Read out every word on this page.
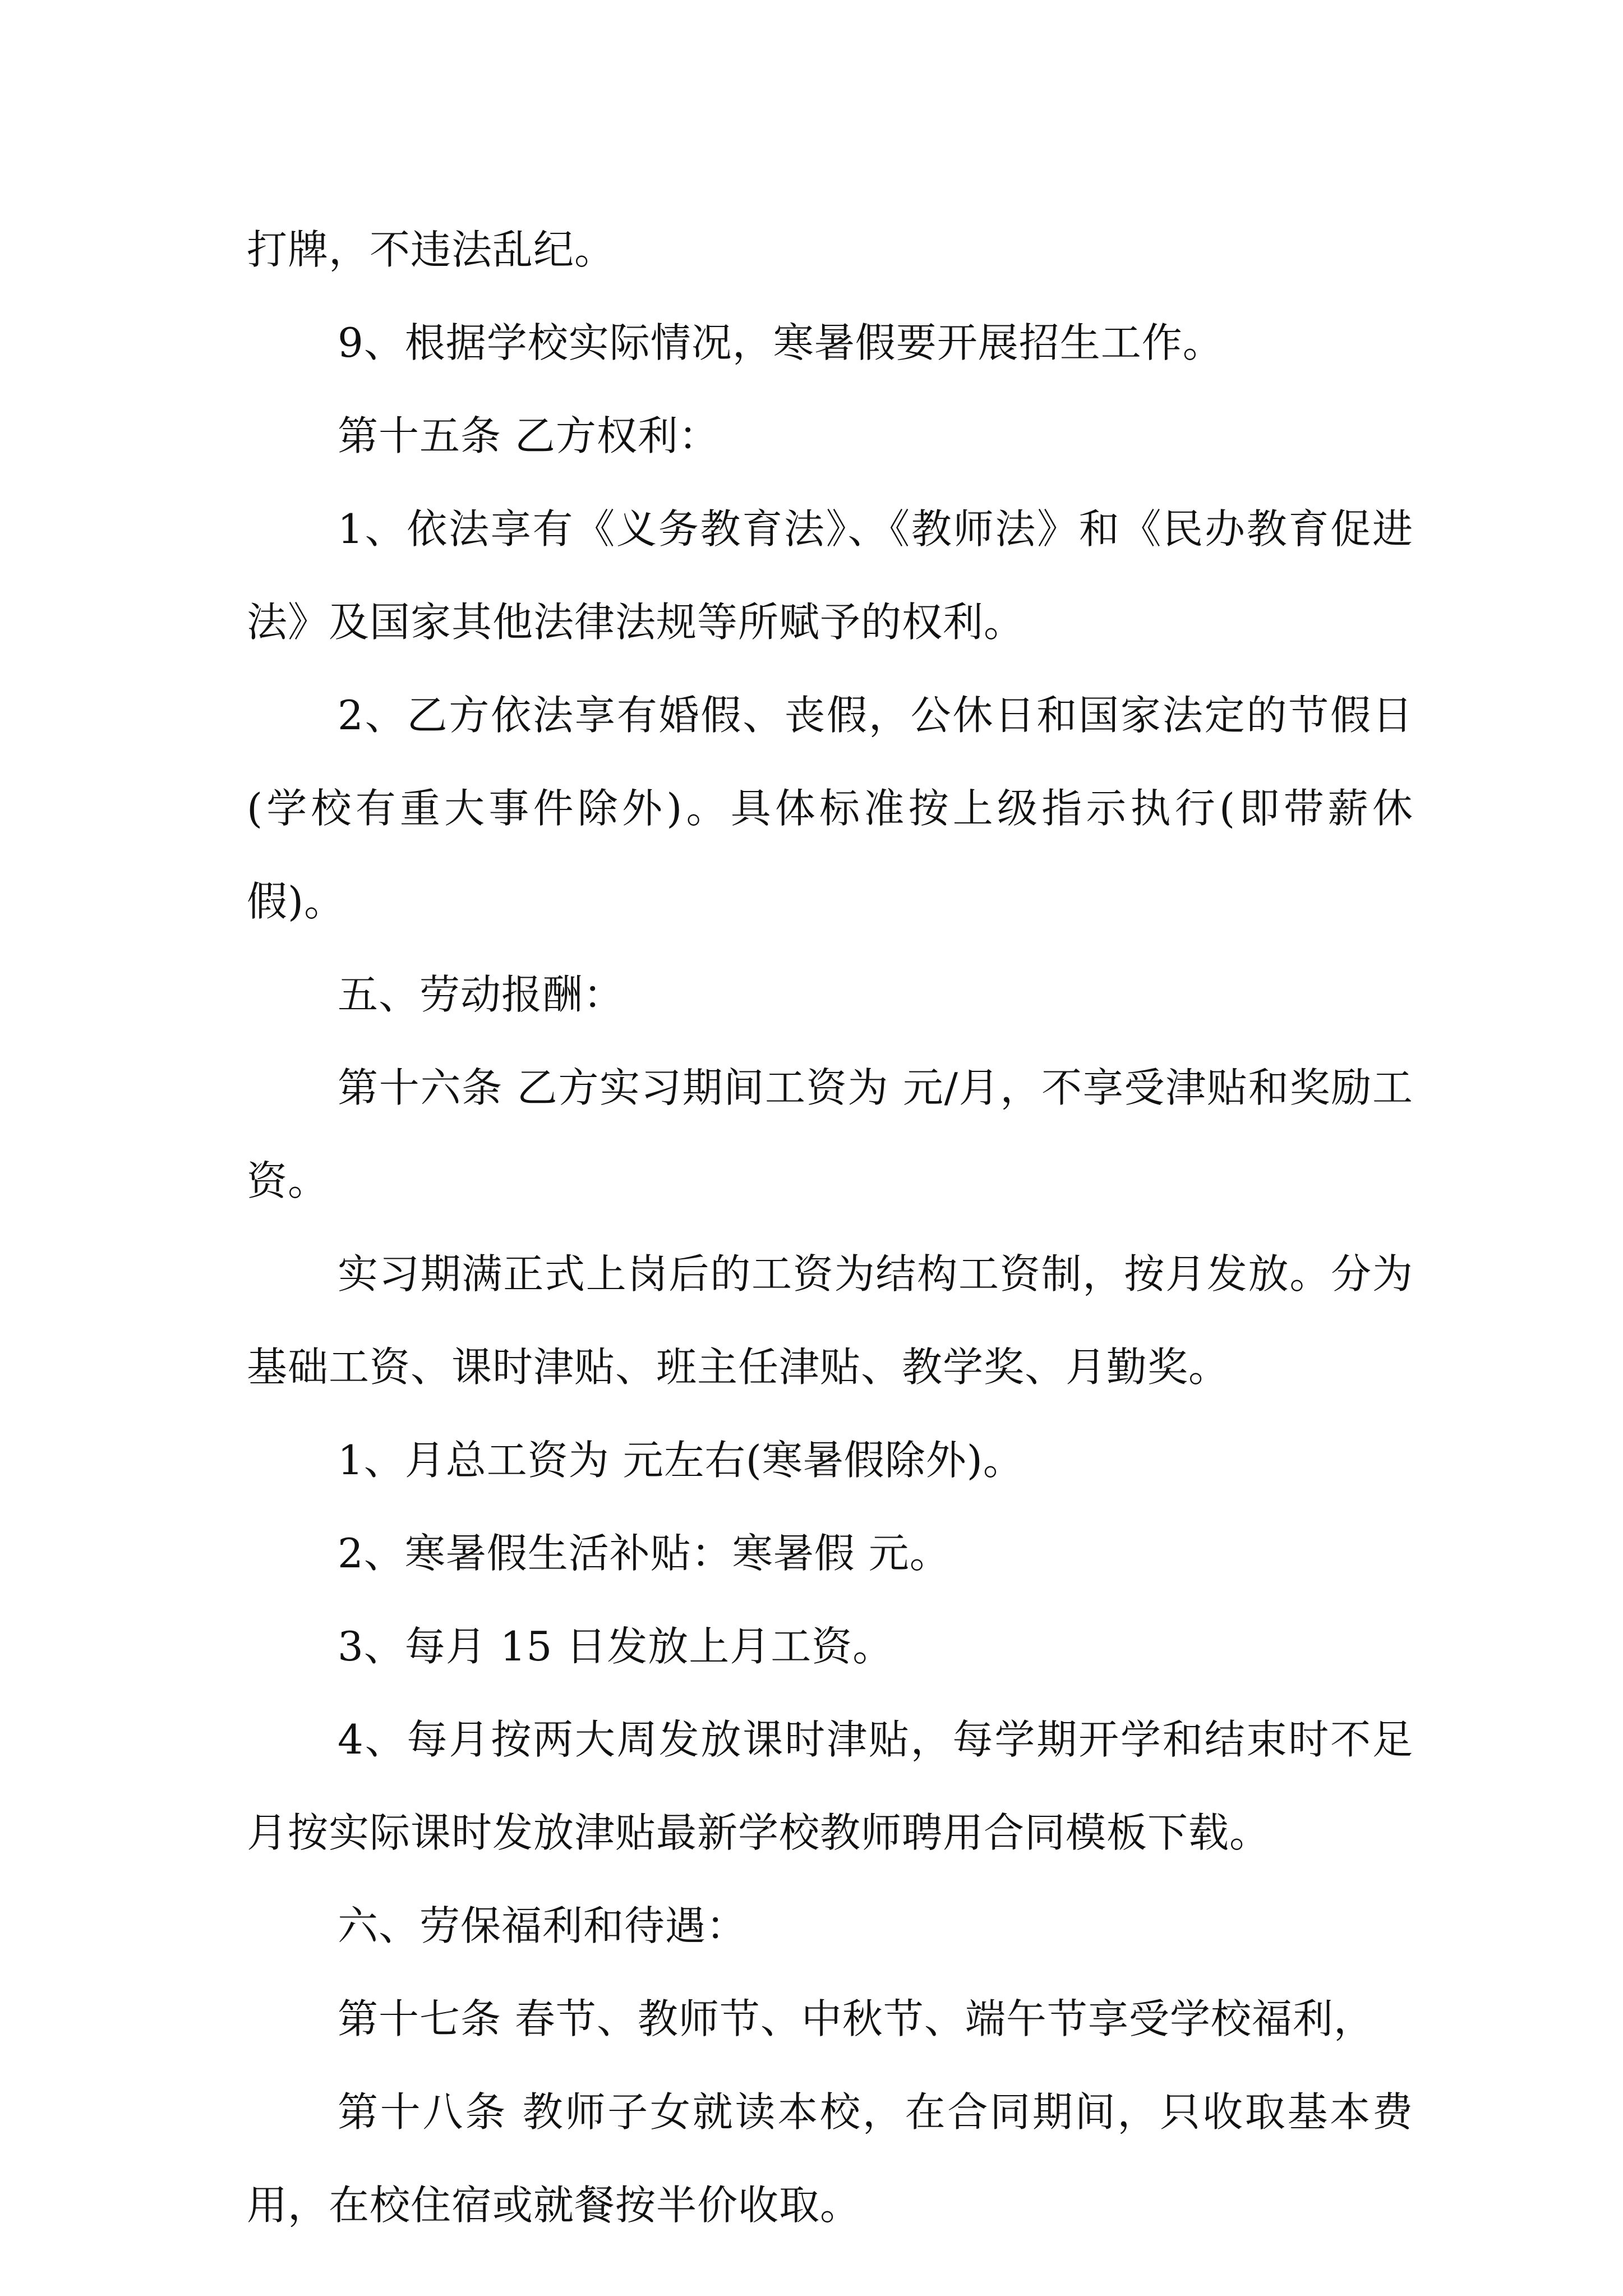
打牌，不违法乱纪。

9、根据学校实际情况，寒暑假要开展招生工作。

第十五条 乙方权利：

1、依法享有《义务教育法》、《教师法》和《民办教育促进法》及国家其他法律法规等所赋予的权利。

2、乙方依法享有婚假、丧假，公休日和国家法定的节假日(学校有重大事件除外)。具体标准按上级指示执行(即带薪休假)。

五、劳动报酬：

第十六条 乙方实习期间工资为 元/月，不享受津贴和奖励工资。

实习期满正式上岗后的工资为结构工资制，按月发放。分为基础工资、课时津贴、班主任津贴、教学奖、月勤奖。

1、月总工资为 元左右(寒暑假除外)。

2、寒暑假生活补贴：寒暑假 元。

3、每月 15 日发放上月工资。

4、每月按两大周发放课时津贴，每学期开学和结束时不足月按实际课时发放津贴最新学校教师聘用合同模板下载。

六、劳保福利和待遇：

第十七条 春节、教师节、中秋节、端午节享受学校福利，

第十八条 教师子女就读本校，在合同期间，只收取基本费用，在校住宿或就餐按半价收取。
